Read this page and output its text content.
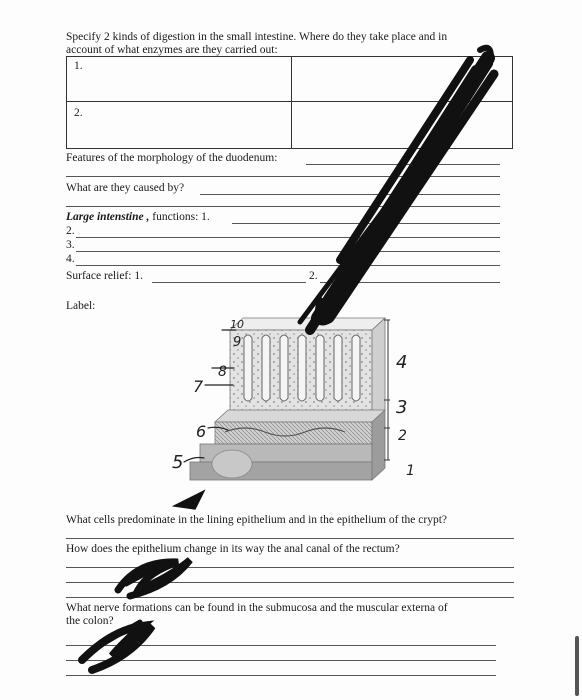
Specify 2 kinds of digestion in the small intestine. Where do they take place and in
account of what enzymes are they carried out:
1.
2.
Features of the morphology of the duodenum:
What are they caused by?
Large intenstine , functions: 1.
2.
3.
4.
Surface relief: 1.	2.
Label:
10
9
8
7
6
5
4
3
2
1
What cells predominate in the lining epithelium and in the epithelium of the crypt?
How does the epithelium change in its way the anal canal of the rectum?
What nerve formations can be found in the submucosa and the muscular externa of
the colon?
